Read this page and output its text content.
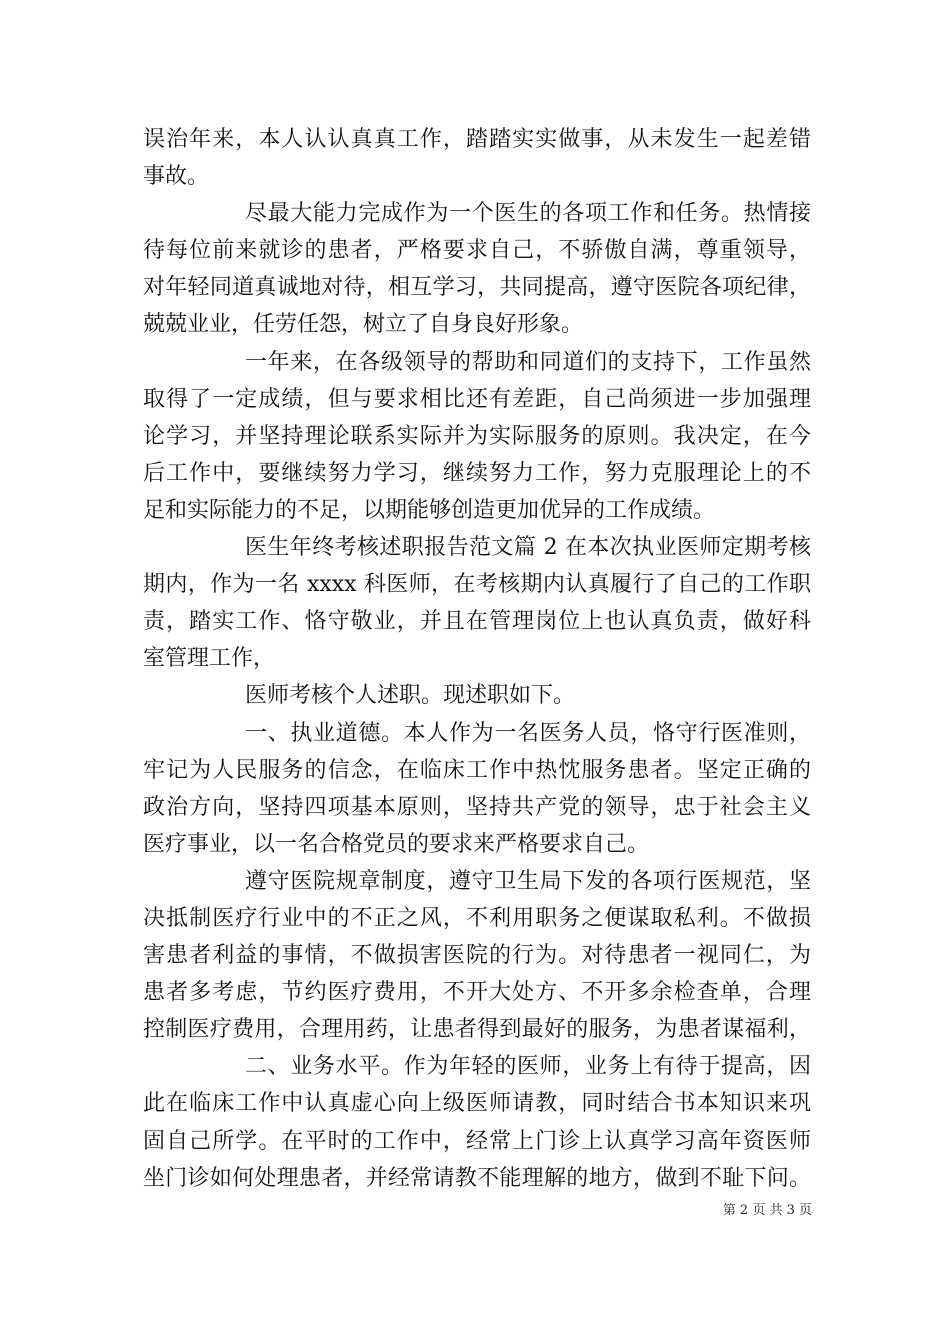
误治年来，本人认认真真工作，踏踏实实做事，从未发生一起差错
事故。
尽最大能力完成作为一个医生的各项工作和任务。热情接
待每位前来就诊的患者，严格要求自己，不骄傲自满，尊重领导，
对年轻同道真诚地对待，相互学习，共同提高，遵守医院各项纪律，
兢兢业业，任劳任怨，树立了自身良好形象。
一年来，在各级领导的帮助和同道们的支持下，工作虽然
取得了一定成绩，但与要求相比还有差距，自己尚须进一步加强理
论学习，并坚持理论联系实际并为实际服务的原则。我决定，在今
后工作中，要继续努力学习，继续努力工作，努力克服理论上的不
足和实际能力的不足，以期能够创造更加优异的工作成绩。
医生年终考核述职报告范文篇 2 在本次执业医师定期考核
期内，作为一名 xxxx 科医师，在考核期内认真履行了自己的工作职
责，踏实工作、恪守敬业，并且在管理岗位上也认真负责，做好科
室管理工作，
医师考核个人述职。现述职如下。
一、执业道德。本人作为一名医务人员，恪守行医准则，
牢记为人民服务的信念，在临床工作中热忱服务患者。坚定正确的
政治方向，坚持四项基本原则，坚持共产党的领导，忠于社会主义
医疗事业，以一名合格党员的要求来严格要求自己。
遵守医院规章制度，遵守卫生局下发的各项行医规范，坚
决抵制医疗行业中的不正之风，不利用职务之便谋取私利。不做损
害患者利益的事情，不做损害医院的行为。对待患者一视同仁，为
患者多考虑，节约医疗费用，不开大处方、不开多余检查单，合理
控制医疗费用，合理用药，让患者得到最好的服务，为患者谋福利，
二、业务水平。作为年轻的医师，业务上有待于提高，因
此在临床工作中认真虚心向上级医师请教，同时结合书本知识来巩
固自己所学。在平时的工作中，经常上门诊上认真学习高年资医师
坐门诊如何处理患者，并经常请教不能理解的地方，做到不耻下问。
第 2 页 共 3 页
